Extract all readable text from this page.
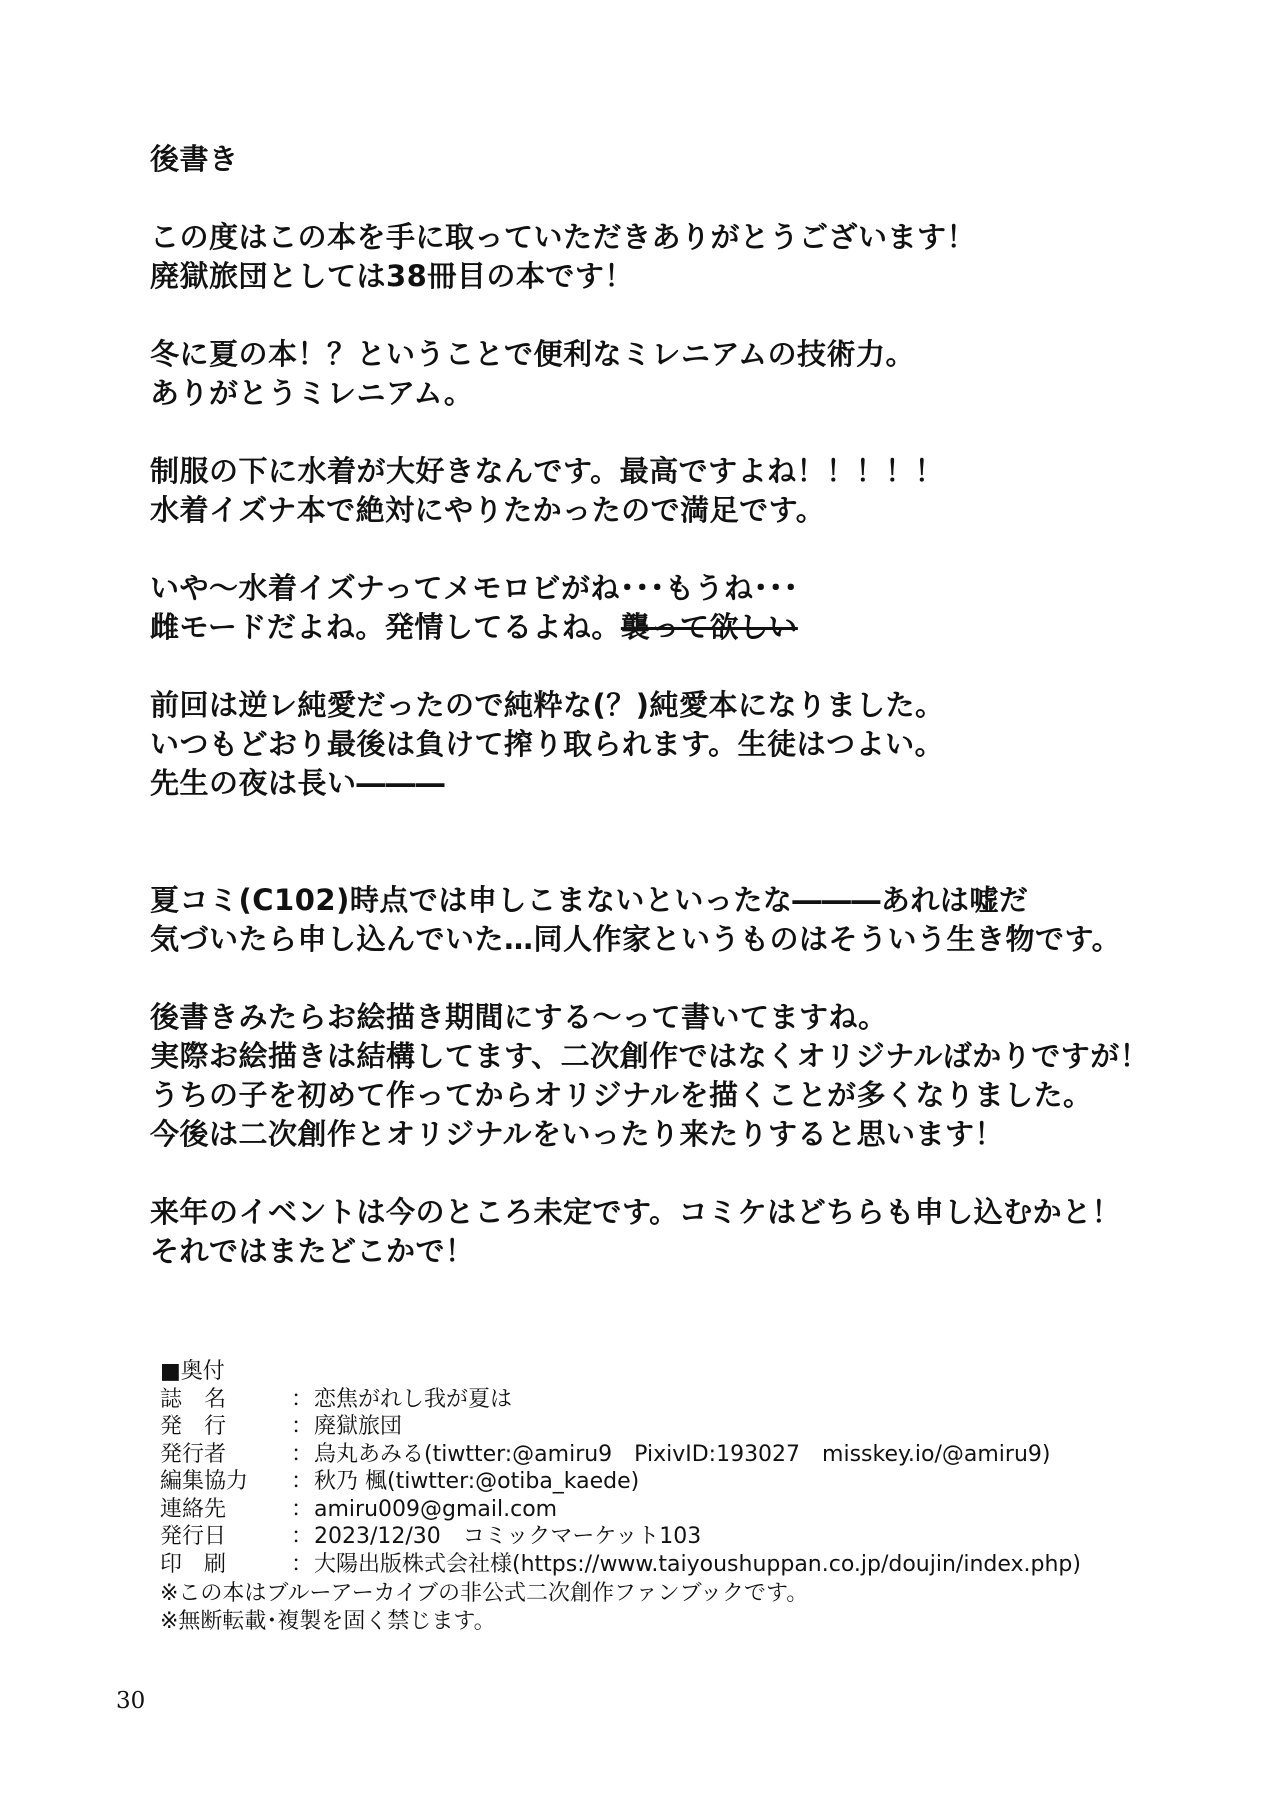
後書き
この度はこの本を手に取っていただきありがとうございます！
廃獄旅団としては38冊目の本です！
冬に夏の本！？ということで便利なミレニアムの技術力。
ありがとうミレニアム。
制服の下に水着が大好きなんです。最高ですよね！！！！！
水着イズナ本で絶対にやりたかったので満足です。
いや～水着イズナってメモロビがね･･･もうね･･･
雌モードだよね。発情してるよね。襲って欲しい
前回は逆レ純愛だったので純粋な(？)純愛本になりました。
いつもどおり最後は負けて搾り取られます。生徒はつよい。
先生の夜は長い―――
夏コミ(C102)時点では申しこまないといったな―――あれは嘘だ
気づいたら申し込んでいた…同人作家というものはそういう生き物です。
後書きみたらお絵描き期間にする～って書いてますね。
実際お絵描きは結構してます、二次創作ではなくオリジナルばかりですが！
うちの子を初めて作ってからオリジナルを描くことが多くなりました。
今後は二次創作とオリジナルをいったり来たりすると思います！
来年のイベントは今のところ未定です。コミケはどちらも申し込むかと！
それではまたどこかで！
■奥付
誌　名	： 恋焦がれし我が夏は
発　行	： 廃獄旅団
発行者	： 烏丸あみる(tiwtter:@amiru9　PixivID:193027　misskey.io/@amiru9)
編集協力	： 秋乃 楓(tiwtter:@otiba_kaede)
連絡先	： amiru009@gmail.com
発行日	： 2023/12/30　コミックマーケット103
印　刷	： 大陽出版株式会社様(https://www.taiyoushuppan.co.jp/doujin/index.php)
※この本はブルーアーカイブの非公式二次創作ファンブックです。
※無断転載･複製を固く禁じます。
30
